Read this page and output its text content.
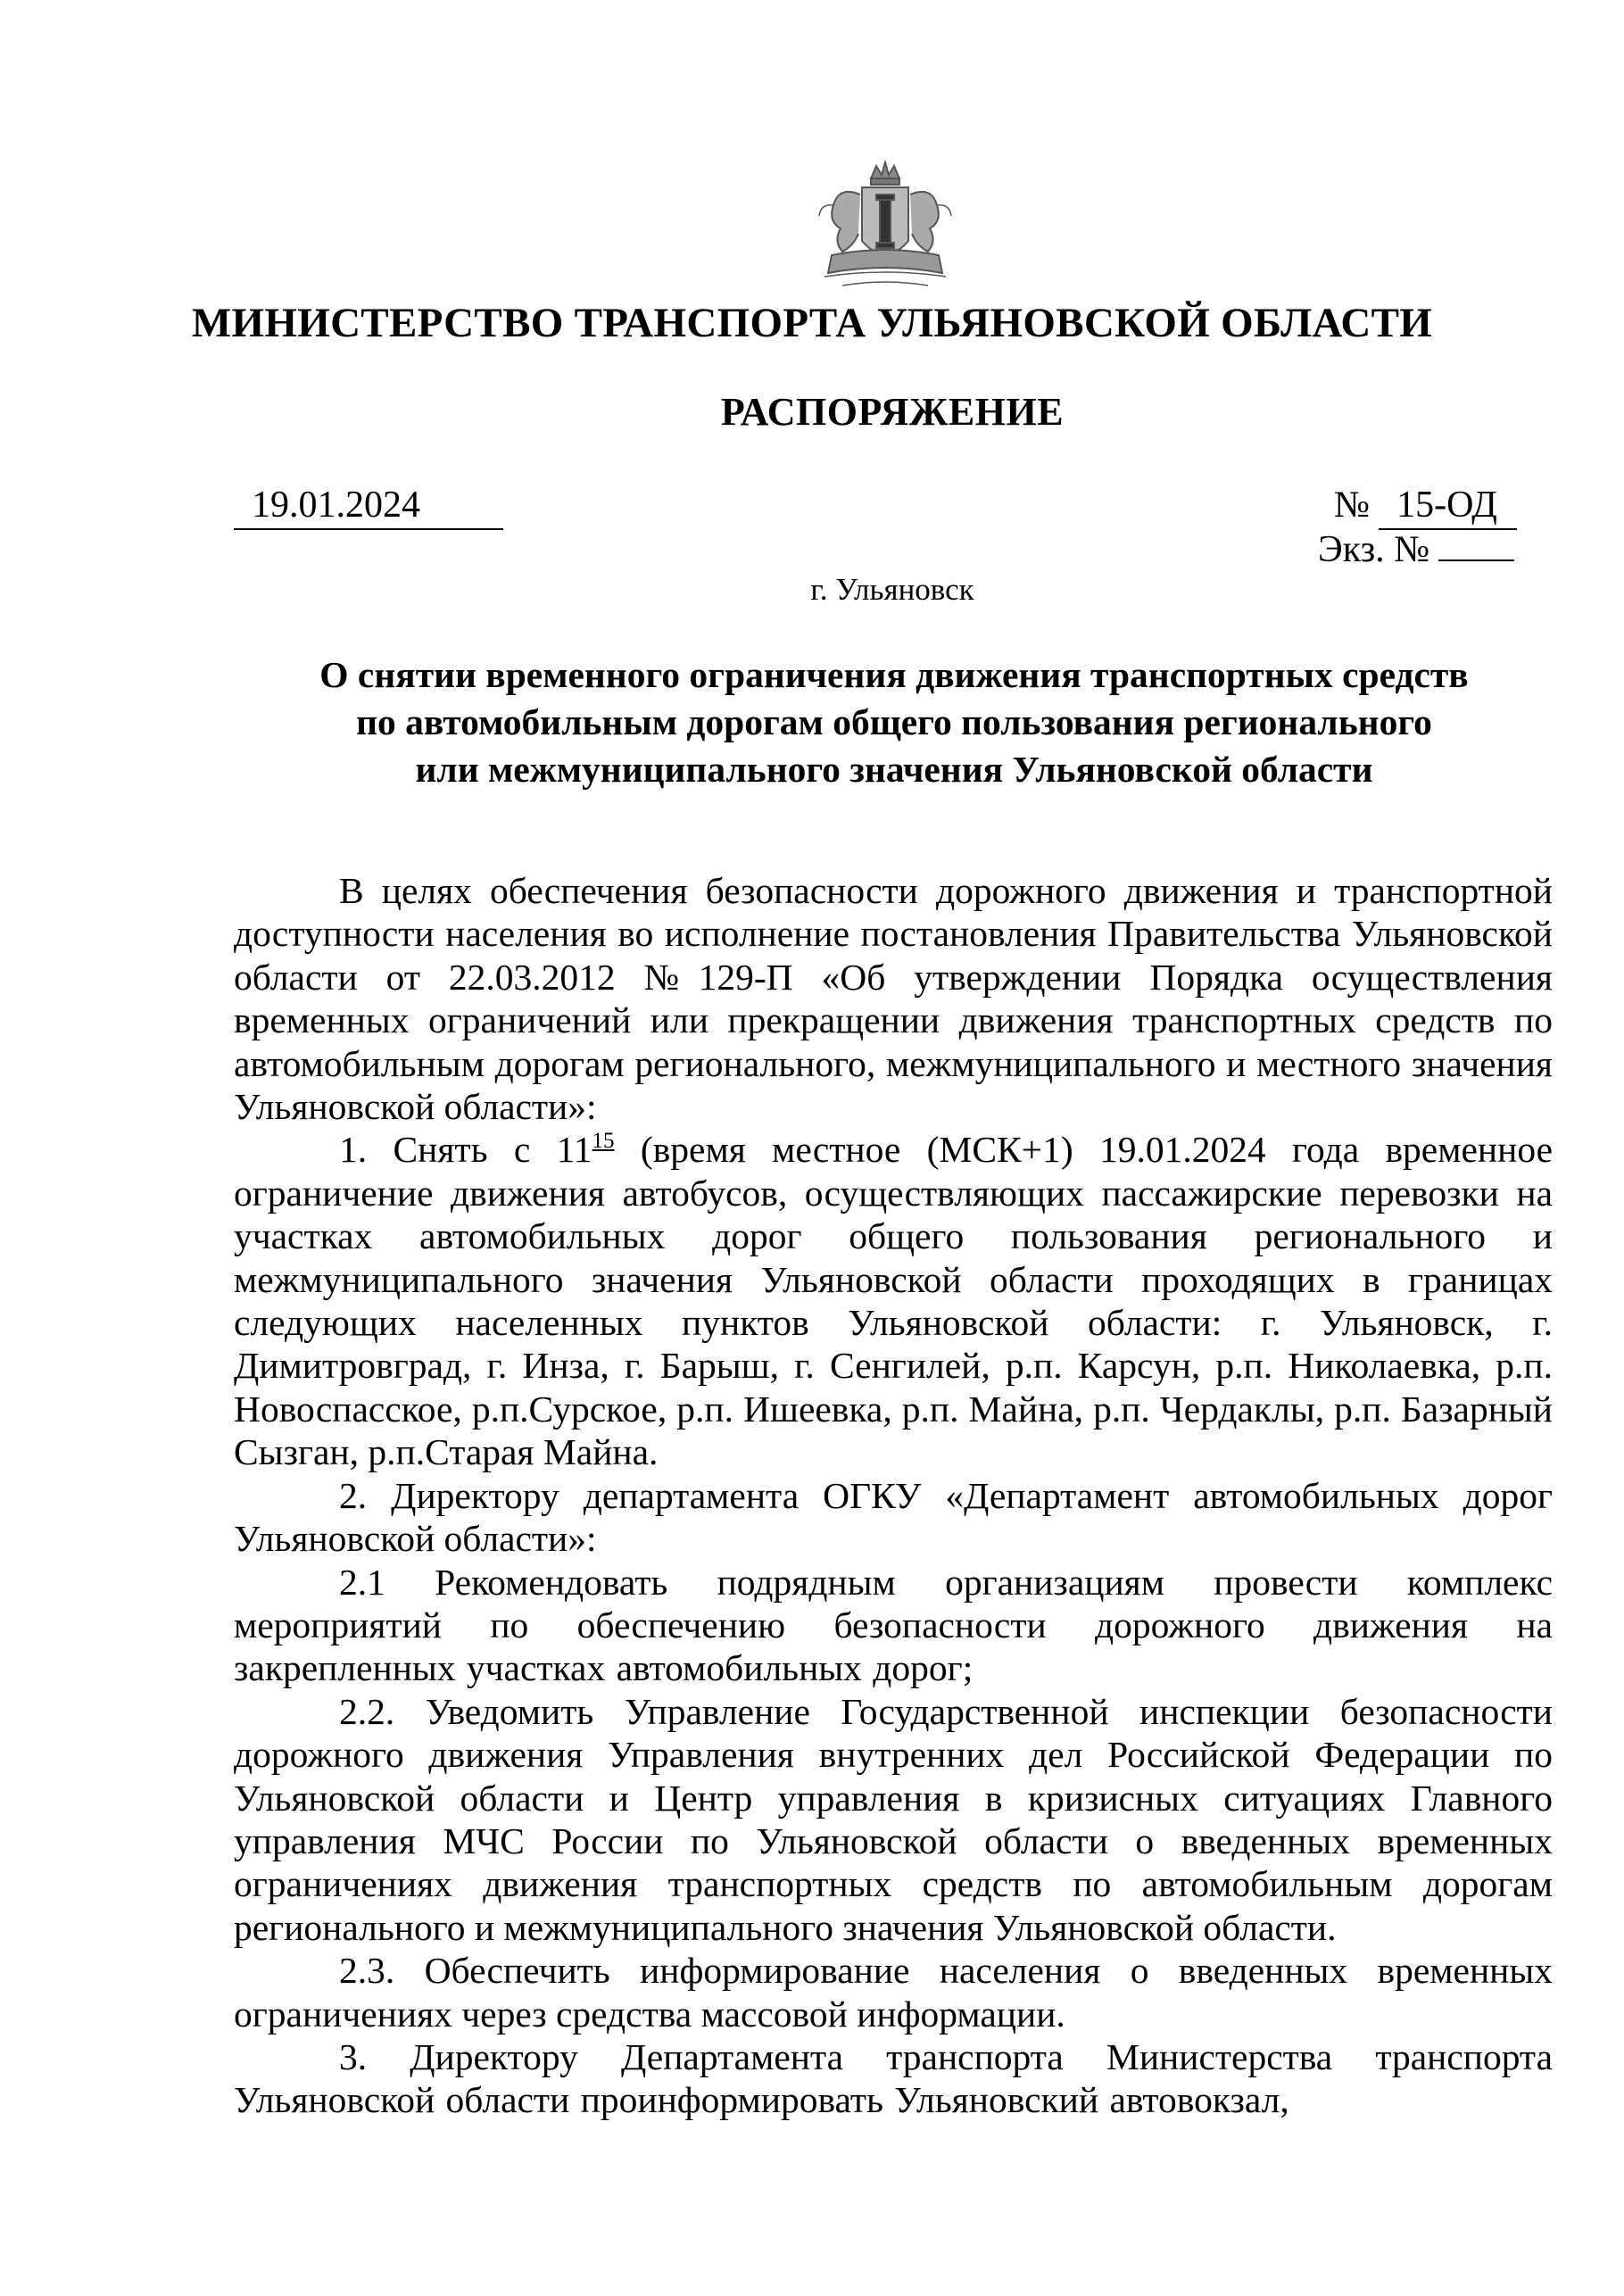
МИНИСТЕРСТВО ТРАНСПОРТА УЛЬЯНОВСКОЙ ОБЛАСТИ
РАСПОРЯЖЕНИЕ
19.01.2024	№ 15-ОД
Экз. №
г. Ульяновск
О снятии временного ограничения движения транспортных средств
по автомобильным дорогам общего пользования регионального
или межмуниципального значения Ульяновской области

В целях обеспечения безопасности дорожного движения и транспортной доступности населения во исполнение постановления Правительства Ульяновской области от 22.03.2012 №129-П «Об утверждении Порядка осуществления временных ограничений или прекращении движения транспортных средств по автомобильным дорогам регионального, межмуниципального и местного значения Ульяновской области»:

1. Снять с $11^{15}$ (время местное (МСК+1) 19.01.2024 года временное ограничение движения автобусов, осуществляющих пассажирские перевозки на участках автомобильных дорог общего пользования регионального и межмуниципального значения Ульяновской области проходящих в границах следующих населенных пунктов Ульяновской области: г. Ульяновск, г. Димитровград, г. Инза, г. Барыш, г. Сенгилей, р.п. Карсун, р.п. Николаевка, р.п. Новоспасское, р.п.Сурское, р.п. Ишеевка, р.п. Майна, р.п. Чердаклы, р.п. Базарный Сызган, р.п.Старая Майна.

2. Директору департамента ОГКУ «Департамент автомобильных дорог Ульяновской области»:

2.1 Рекомендовать подрядным организациям провести комплекс мероприятий по обеспечению безопасности дорожного движения на закрепленных участках автомобильных дорог;

2.2. Уведомить Управление Государственной инспекции безопасности дорожного движения Управления внутренних дел Российской Федерации по Ульяновской области и Центр управления в кризисных ситуациях Главного управления МЧС России по Ульяновской области о введенных временных ограничениях движения транспортных средств по автомобильным дорогам регионального и межмуниципального значения Ульяновской области.

2.3. Обеспечить информирование населения о введенных временных ограничениях через средства массовой информации.

3. Директору Департамента транспорта Министерства транспорта Ульяновской области проинформировать Ульяновский автовокзал,
